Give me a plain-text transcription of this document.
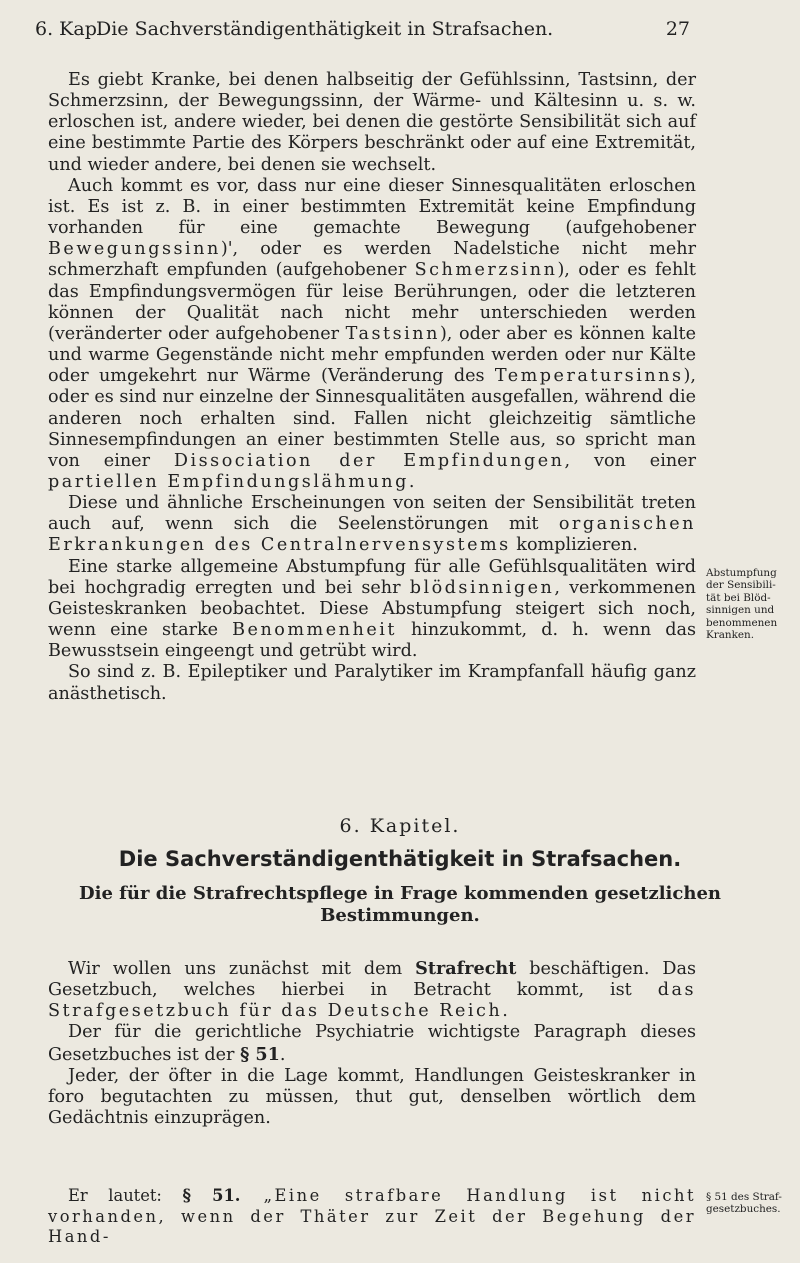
6. Kap.
Die Sachverständigenthätigkeit in Strafsachen.	27

Es giebt Kranke, bei denen halbseitig der Gefühlssinn, Tastsinn, der Schmerzsinn, der Bewegungssinn, der Wärme- und Kältesinn u. s. w. erloschen ist, andere wieder, bei denen die gestörte Sensibilität sich auf eine bestimmte Partie des Körpers beschränkt oder auf eine Extremität, und wieder andere, bei denen sie wechselt.

Auch kommt es vor, dass nur eine dieser Sinnesqualitäten erloschen ist. Es ist z. B. in einer bestimmten Extremität keine Empfindung vorhanden für eine gemachte Bewegung (aufgehobener Bewegungssinn)', oder es werden Nadelstiche nicht mehr schmerzhaft empfunden (aufgehobener Schmerzsinn), oder es fehlt das Empfindungsvermögen für leise Berührungen, oder die letzteren können der Qualität nach nicht mehr unterschieden werden (veränderter oder aufgehobener Tastsinn), oder aber es können kalte und warme Gegenstände nicht mehr empfunden werden oder nur Kälte oder umgekehrt nur Wärme (Veränderung des Temperatursinns), oder es sind nur einzelne der Sinnesqualitäten ausgefallen, während die anderen noch erhalten sind. Fallen nicht gleichzeitig sämtliche Sinnesempfindungen an einer bestimmten Stelle aus, so spricht man von einer Dissociation der Empfindungen, von einer partiellen Empfindungslähmung.

Diese und ähnliche Erscheinungen von seiten der Sensibilität treten auch auf, wenn sich die Seelenstörungen mit organischen Erkrankungen des Centralnervensystems komplizieren.

Eine starke allgemeine Abstumpfung für alle Gefühlsqualitäten wird bei hochgradig erregten und bei sehr blödsinnigen, verkommenen Geisteskranken beobachtet. Diese Abstumpfung steigert sich noch, wenn eine starke Benommenheit hinzukommt, d. h. wenn das Bewusstsein eingeengt und getrübt wird.

So sind z. B. Epileptiker und Paralytiker im Krampfanfall häufig ganz anästhetisch.

Abstumpfung
der Sensibili-
tät bei Blöd-
sinnigen und
benommenen
Kranken.
6. Kapitel.
Die Sachverständigenthätigkeit in Strafsachen.
Die für die Strafrechtspflege in Frage kommenden gesetzlichen
Bestimmungen.

Wir wollen uns zunächst mit dem Strafrecht beschäftigen. Das Gesetzbuch, welches hierbei in Betracht kommt, ist das Strafgesetzbuch für das Deutsche Reich.

Der für die gerichtliche Psychiatrie wichtigste Paragraph dieses Gesetzbuches ist der § 51.

Jeder, der öfter in die Lage kommt, Handlungen Geisteskranker in foro begutachten zu müssen, thut gut, denselben wörtlich dem Gedächtnis einzuprägen.

Er lautet: § 51. „Eine strafbare Handlung ist nicht vorhanden, wenn der Thäter zur Zeit der Begehung der Hand-

§ 51 des Straf-
gesetzbuches.
